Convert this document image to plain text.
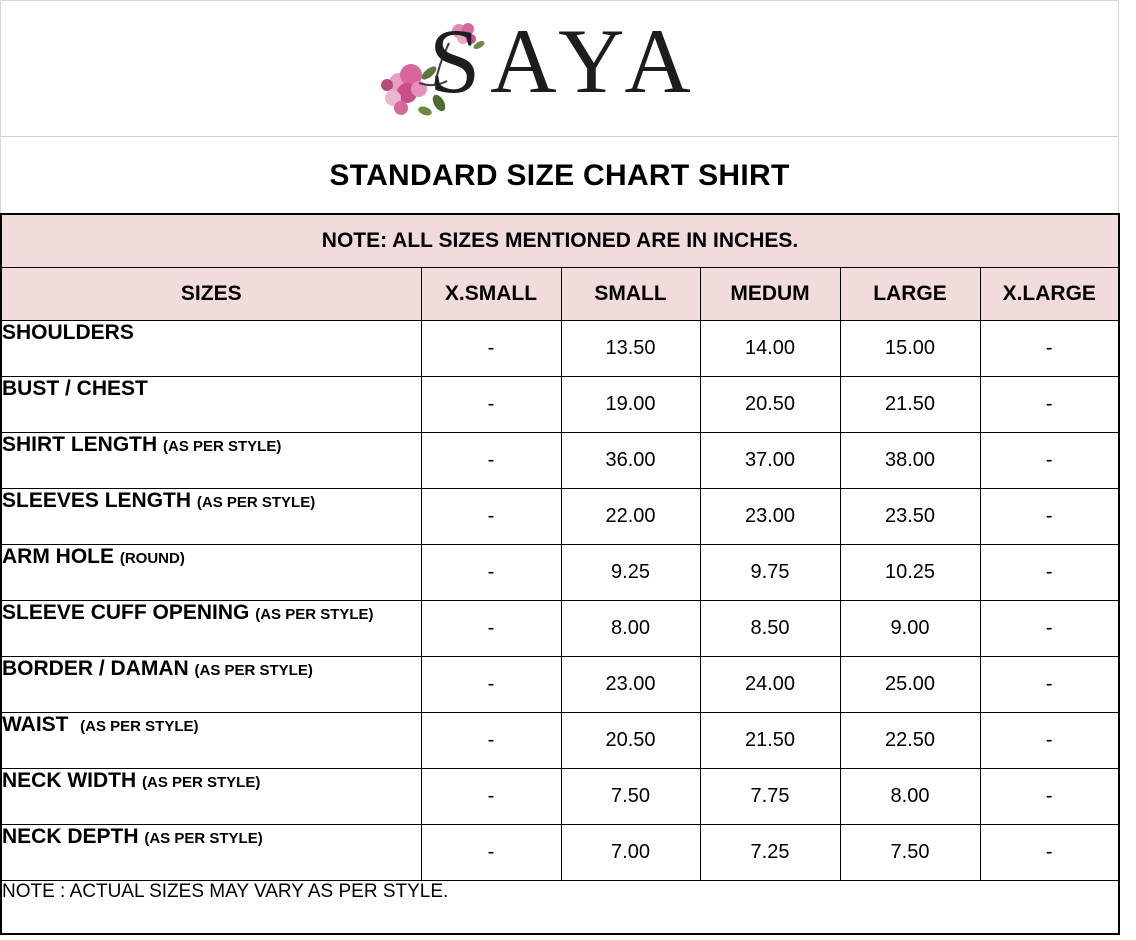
SAYA
STANDARD SIZE CHART SHIRT
NOTE: ALL SIZES MENTIONED ARE IN INCHES.					
SIZES	X.SMALL	SMALL	MEDUM	LARGE	X.LARGE
SHOULDERS	-	13.50	14.00	15.00	-
BUST / CHEST	-	19.00	20.50	21.50	-
SHIRT LENGTH (AS PER STYLE)	-	36.00	37.00	38.00	-
SLEEVES LENGTH (AS PER STYLE)	-	22.00	23.00	23.50	-
ARM HOLE (ROUND)	-	9.25	9.75	10.25	-
SLEEVE CUFF OPENING (AS PER STYLE)	-	8.00	8.50	9.00	-
BORDER / DAMAN (AS PER STYLE)	-	23.00	24.00	25.00	-
WAIST  (AS PER STYLE)	-	20.50	21.50	22.50	-
NECK WIDTH (AS PER STYLE)	-	7.50	7.75	8.00	-
NECK DEPTH (AS PER STYLE)	-	7.00	7.25	7.50	-
NOTE : ACTUAL SIZES MAY VARY AS PER STYLE.					
